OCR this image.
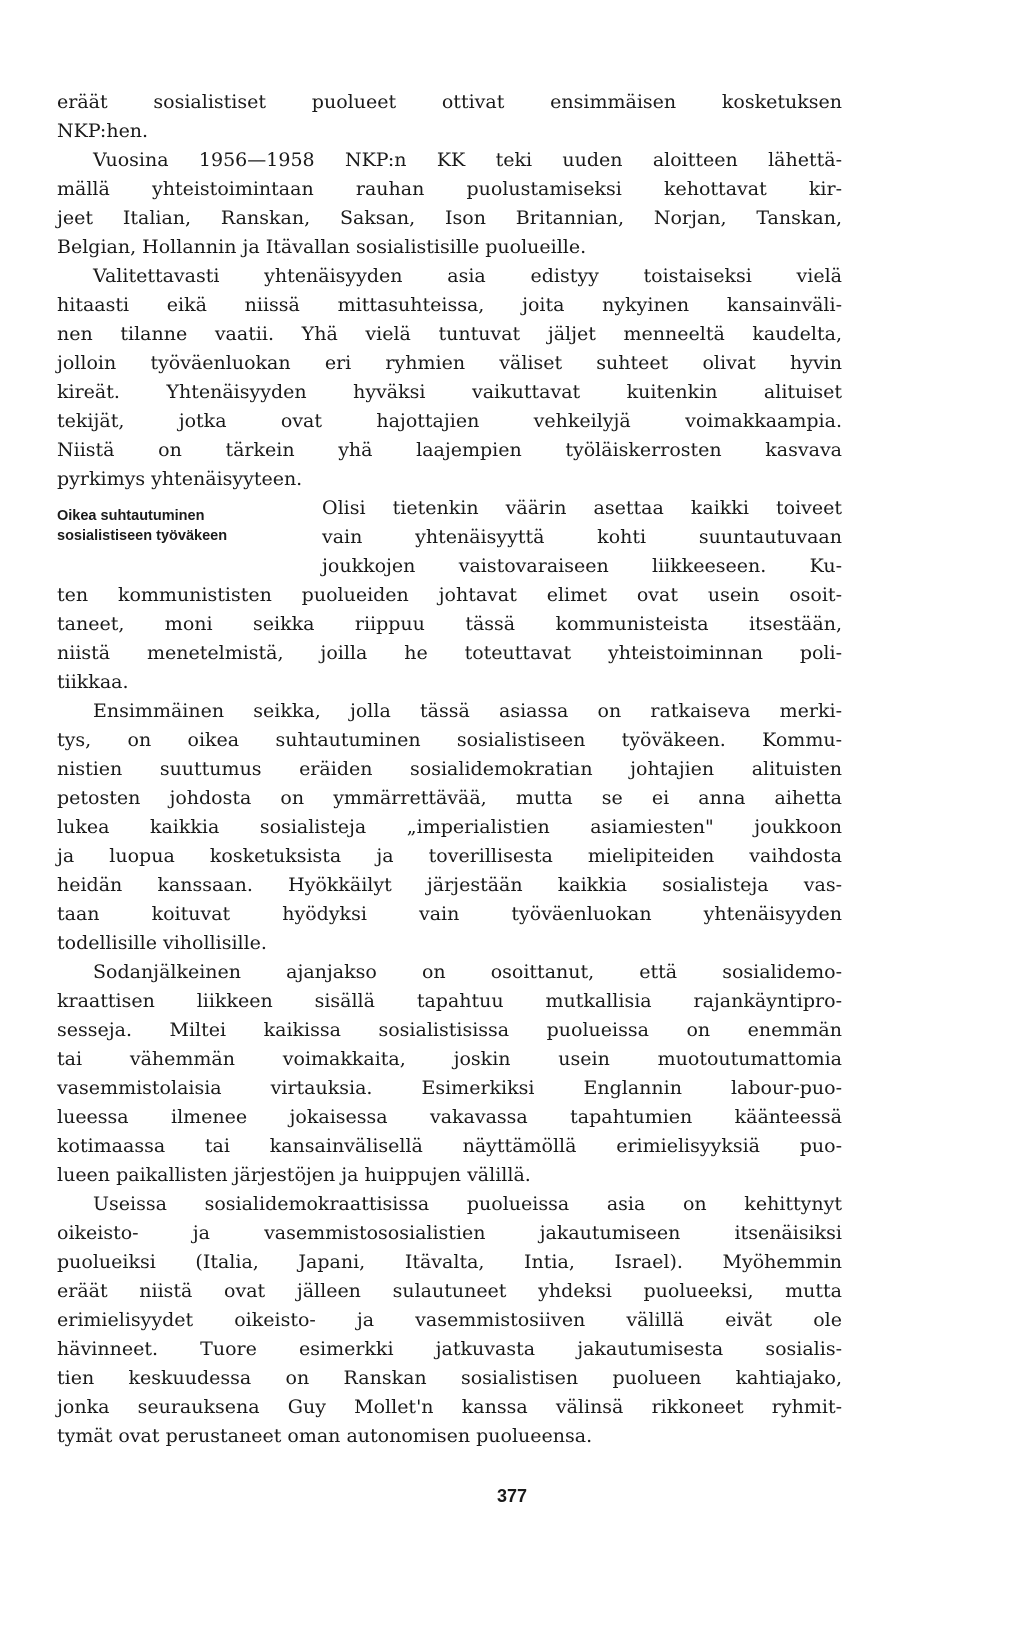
eräät sosialistiset puolueet ottivat ensimmäisen kosketuksen
NKP:hen.
Vuosina 1956—1958 NKP:n KK teki uuden aloitteen lähettä-
mällä yhteistoimintaan rauhan puolustamiseksi kehottavat kir-
jeet Italian, Ranskan, Saksan, Ison Britannian, Norjan, Tanskan,
Belgian, Hollannin ja Itävallan sosialistisille puolueille.
Valitettavasti yhtenäisyyden asia edistyy toistaiseksi vielä
hitaasti eikä niissä mittasuhteissa, joita nykyinen kansainväli-
nen tilanne vaatii. Yhä vielä tuntuvat jäljet menneeltä kaudelta,
jolloin työväenluokan eri ryhmien väliset suhteet olivat hyvin
kireät. Yhtenäisyyden hyväksi vaikuttavat kuitenkin alituiset
tekijät, jotka ovat hajottajien vehkeilyjä voimakkaampia.
Niistä on tärkein yhä laajempien työläiskerrosten kasvava
pyrkimys yhtenäisyyteen.
Oikea suhtautuminen
sosialistiseen työväkeen
Olisi tietenkin väärin asettaa kaikki toiveet
vain yhtenäisyyttä kohti suuntautuvaan
joukkojen vaistovaraiseen liikkeeseen. Ku-
ten kommunististen puolueiden johtavat elimet ovat usein osoit-
taneet, moni seikka riippuu tässä kommunisteista itsestään,
niistä menetelmistä, joilla he toteuttavat yhteistoiminnan poli-
tiikkaa.
Ensimmäinen seikka, jolla tässä asiassa on ratkaiseva merki-
tys, on oikea suhtautuminen sosialistiseen työväkeen. Kommu-
nistien suuttumus eräiden sosialidemokratian johtajien alituisten
petosten johdosta on ymmärrettävää, mutta se ei anna aihetta
lukea kaikkia sosialisteja „imperialistien asiamiesten" joukkoon
ja luopua kosketuksista ja toverillisesta mielipiteiden vaihdosta
heidän kanssaan. Hyökkäilyt järjestään kaikkia sosialisteja vas-
taan koituvat hyödyksi vain työväenluokan yhtenäisyyden
todellisille vihollisille.
Sodanjälkeinen ajanjakso on osoittanut, että sosialidemo-
kraattisen liikkeen sisällä tapahtuu mutkallisia rajankäyntipro-
sesseja. Miltei kaikissa sosialistisissa puolueissa on enemmän
tai vähemmän voimakkaita, joskin usein muotoutumattomia
vasemmistolaisia virtauksia. Esimerkiksi Englannin labour-puo-
lueessa ilmenee jokaisessa vakavassa tapahtumien käänteessä
kotimaassa tai kansainvälisellä näyttämöllä erimielisyyksiä puo-
lueen paikallisten järjestöjen ja huippujen välillä.
Useissa sosialidemokraattisissa puolueissa asia on kehittynyt
oikeisto- ja vasemmistososialistien jakautumiseen itsenäisiksi
puolueiksi (Italia, Japani, Itävalta, Intia, Israel). Myöhemmin
eräät niistä ovat jälleen sulautuneet yhdeksi puolueeksi, mutta
erimielisyydet oikeisto- ja vasemmistosiiven välillä eivät ole
hävinneet. Tuore esimerkki jatkuvasta jakautumisesta sosialis-
tien keskuudessa on Ranskan sosialistisen puolueen kahtiajako,
jonka seurauksena Guy Mollet'n kanssa välinsä rikkoneet ryhmit-
tymät ovat perustaneet oman autonomisen puolueensa.
377
